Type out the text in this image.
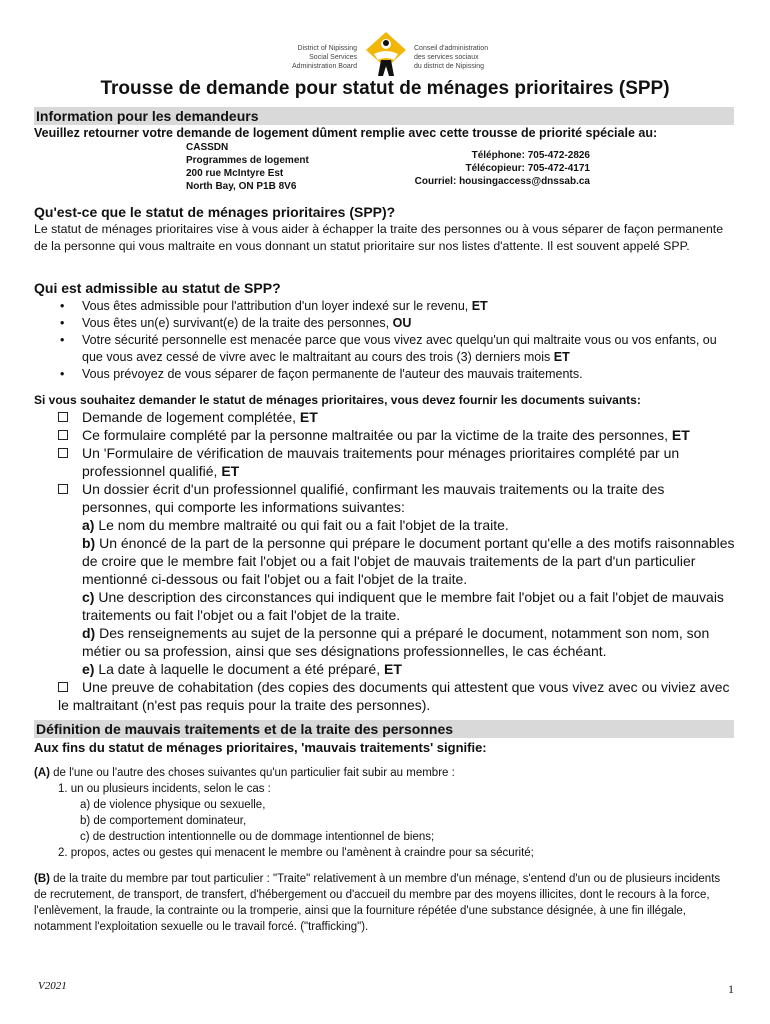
District of Nipissing
Social Services
Administration Board
Conseil d'administration
des services sociaux
du district de Nipissing
Trousse de demande pour statut de ménages prioritaires (SPP)
Information pour les demandeurs
Veuillez retourner votre demande de logement dûment remplie avec cette trousse de priorité spéciale au:
CASSDN
Programmes de logement
200 rue McIntyre Est
North Bay, ON P1B 8V6
Téléphone: 705-472-2826
Télécopieur: 705-472-4171
Courriel: housingaccess@dnssab.ca
Qu'est-ce que le statut de ménages prioritaires (SPP)?
Le statut de ménages prioritaires vise à vous aider à échapper la traite des personnes ou à vous séparer de façon permanente de la personne qui vous maltraite en vous donnant un statut prioritaire sur nos listes d'attente. Il est souvent appelé SPP.
Qui est admissible au statut de SPP?
• Vous êtes admissible pour l'attribution d'un loyer indexé sur le revenu, ET
• Vous êtes un(e) survivant(e) de la traite des personnes, OU
• Votre sécurité personnelle est menacée parce que vous vivez avec quelqu'un qui maltraite vous ou vos enfants, ou que vous avez cessé de vivre avec le maltraitant au cours des trois (3) derniers mois ET
• Vous prévoyez de vous séparer de façon permanente de l'auteur des mauvais traitements.
Si vous souhaitez demander le statut de ménages prioritaires, vous devez fournir les documents suivants:
Demande de logement complétée, ET
Ce formulaire complété par la personne maltraitée ou par la victime de la traite des personnes, ET
Un 'Formulaire de vérification de mauvais traitements pour ménages prioritaires complété par un professionnel qualifié, ET
Un dossier écrit d'un professionnel qualifié, confirmant les mauvais traitements ou la traite des personnes, qui comporte les informations suivantes:
a) Le nom du membre maltraité ou qui fait ou a fait l'objet de la traite.
b) Un énoncé de la part de la personne qui prépare le document portant qu'elle a des motifs raisonnables de croire que le membre fait l'objet ou a fait l'objet de mauvais traitements de la part d'un particulier mentionné ci-dessous ou fait l'objet ou a fait l'objet de la traite.
c) Une description des circonstances qui indiquent que le membre fait l'objet ou a fait l'objet de mauvais traitements ou fait l'objet ou a fait l'objet de la traite.
d) Des renseignements au sujet de la personne qui a préparé le document, notamment son nom, son métier ou sa profession, ainsi que ses désignations professionnelles, le cas échéant.
e) La date à laquelle le document a été préparé, ET
Une preuve de cohabitation (des copies des documents qui attestent que vous vivez avec ou viviez avec le maltraitant (n'est pas requis pour la traite des personnes).
Définition de mauvais traitements et de la traite des personnes
Aux fins du statut de ménages prioritaires, 'mauvais traitements' signifie:
(A) de l'une ou l'autre des choses suivantes qu'un particulier fait subir au membre :
1. un ou plusieurs incidents, selon le cas :
a) de violence physique ou sexuelle,
b) de comportement dominateur,
c) de destruction intentionnelle ou de dommage intentionnel de biens;
2. propos, actes ou gestes qui menacent le membre ou l'amènent à craindre pour sa sécurité;
(B) de la traite du membre par tout particulier : "Traite" relativement à un membre d'un ménage, s'entend d'un ou de plusieurs incidents de recrutement, de transport, de transfert, d'hébergement ou d'accueil du membre par des moyens illicites, dont le recours à la force, l'enlèvement, la fraude, la contrainte ou la tromperie, ainsi que la fourniture répétée d'une substance désignée, à une fin illégale, notamment l'exploitation sexuelle ou le travail forcé. ("trafficking").
V2021	1
